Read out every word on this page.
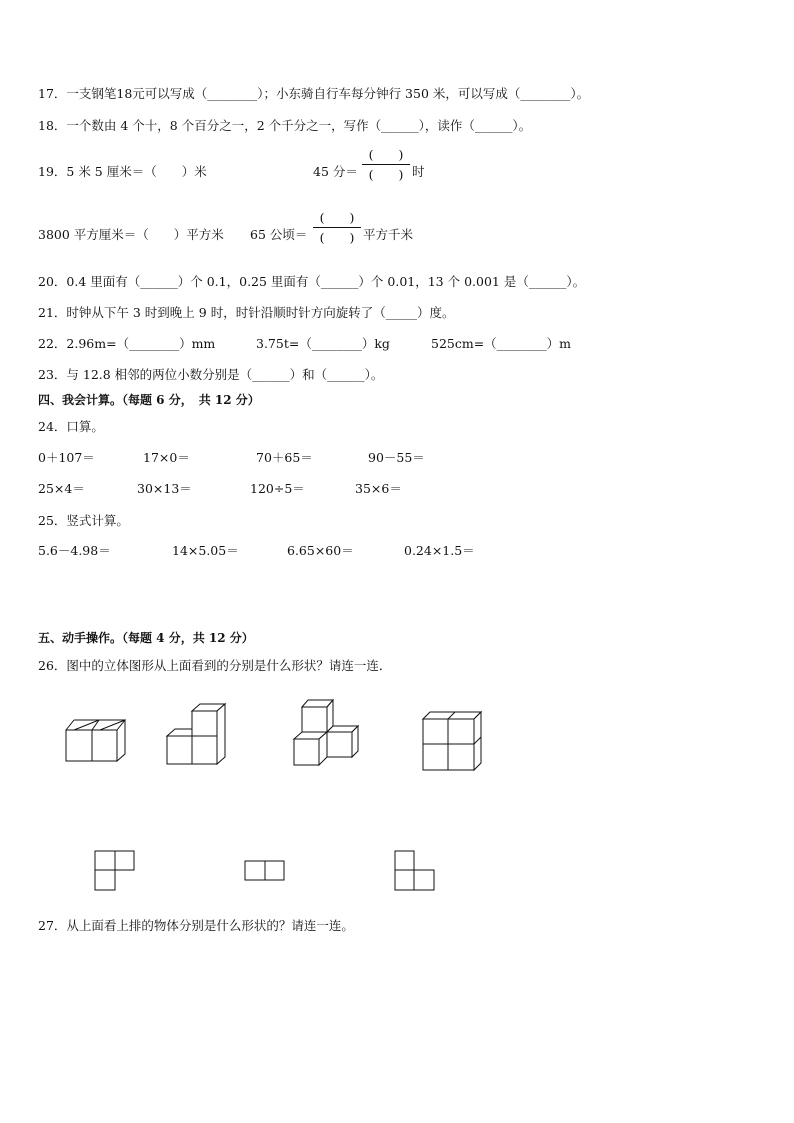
17．一支钢笔18元可以写成（________）；小东骑自行车每分钟行 350 米，可以写成（________）。
18．一个数由 4 个十，8 个百分之一，2 个千分之一，写作（______），读作（______）。
19．5 米 5 厘米＝（　　）米	45 分＝
(　　)
(　　) 时
3800 平方厘米＝（　　）平方米 65 公顷＝
(　　)
(　　) 平方千米
20．0.4 里面有（______）个 0.1，0.25 里面有（______）个 0.01，13 个 0.001 是（______）。
21．时钟从下午 3 时到晚上 9 时，时针沿顺时针方向旋转了（_____）度。
22．2.96m=（________）mm	3.75t=（________）kg	525cm=（________）m
23．与 12.8 相邻的两位小数分别是（______）和（______）。
四、我会计算。（每题 6 分，　共 12 分）
24．口算。
0＋107＝	17×0＝	70＋65＝	90－55＝
25×4＝	30×13＝	120÷5＝	35×6＝
25．竖式计算。
5.6－4.98＝	14×5.05＝	6.65×60＝	0.24×1.5＝
五、动手操作。（每题 4 分，共 12 分）
26．图中的立体图形从上面看到的分别是什么形状？请连一连．
27．从上面看上排的物体分别是什么形状的？请连一连。
